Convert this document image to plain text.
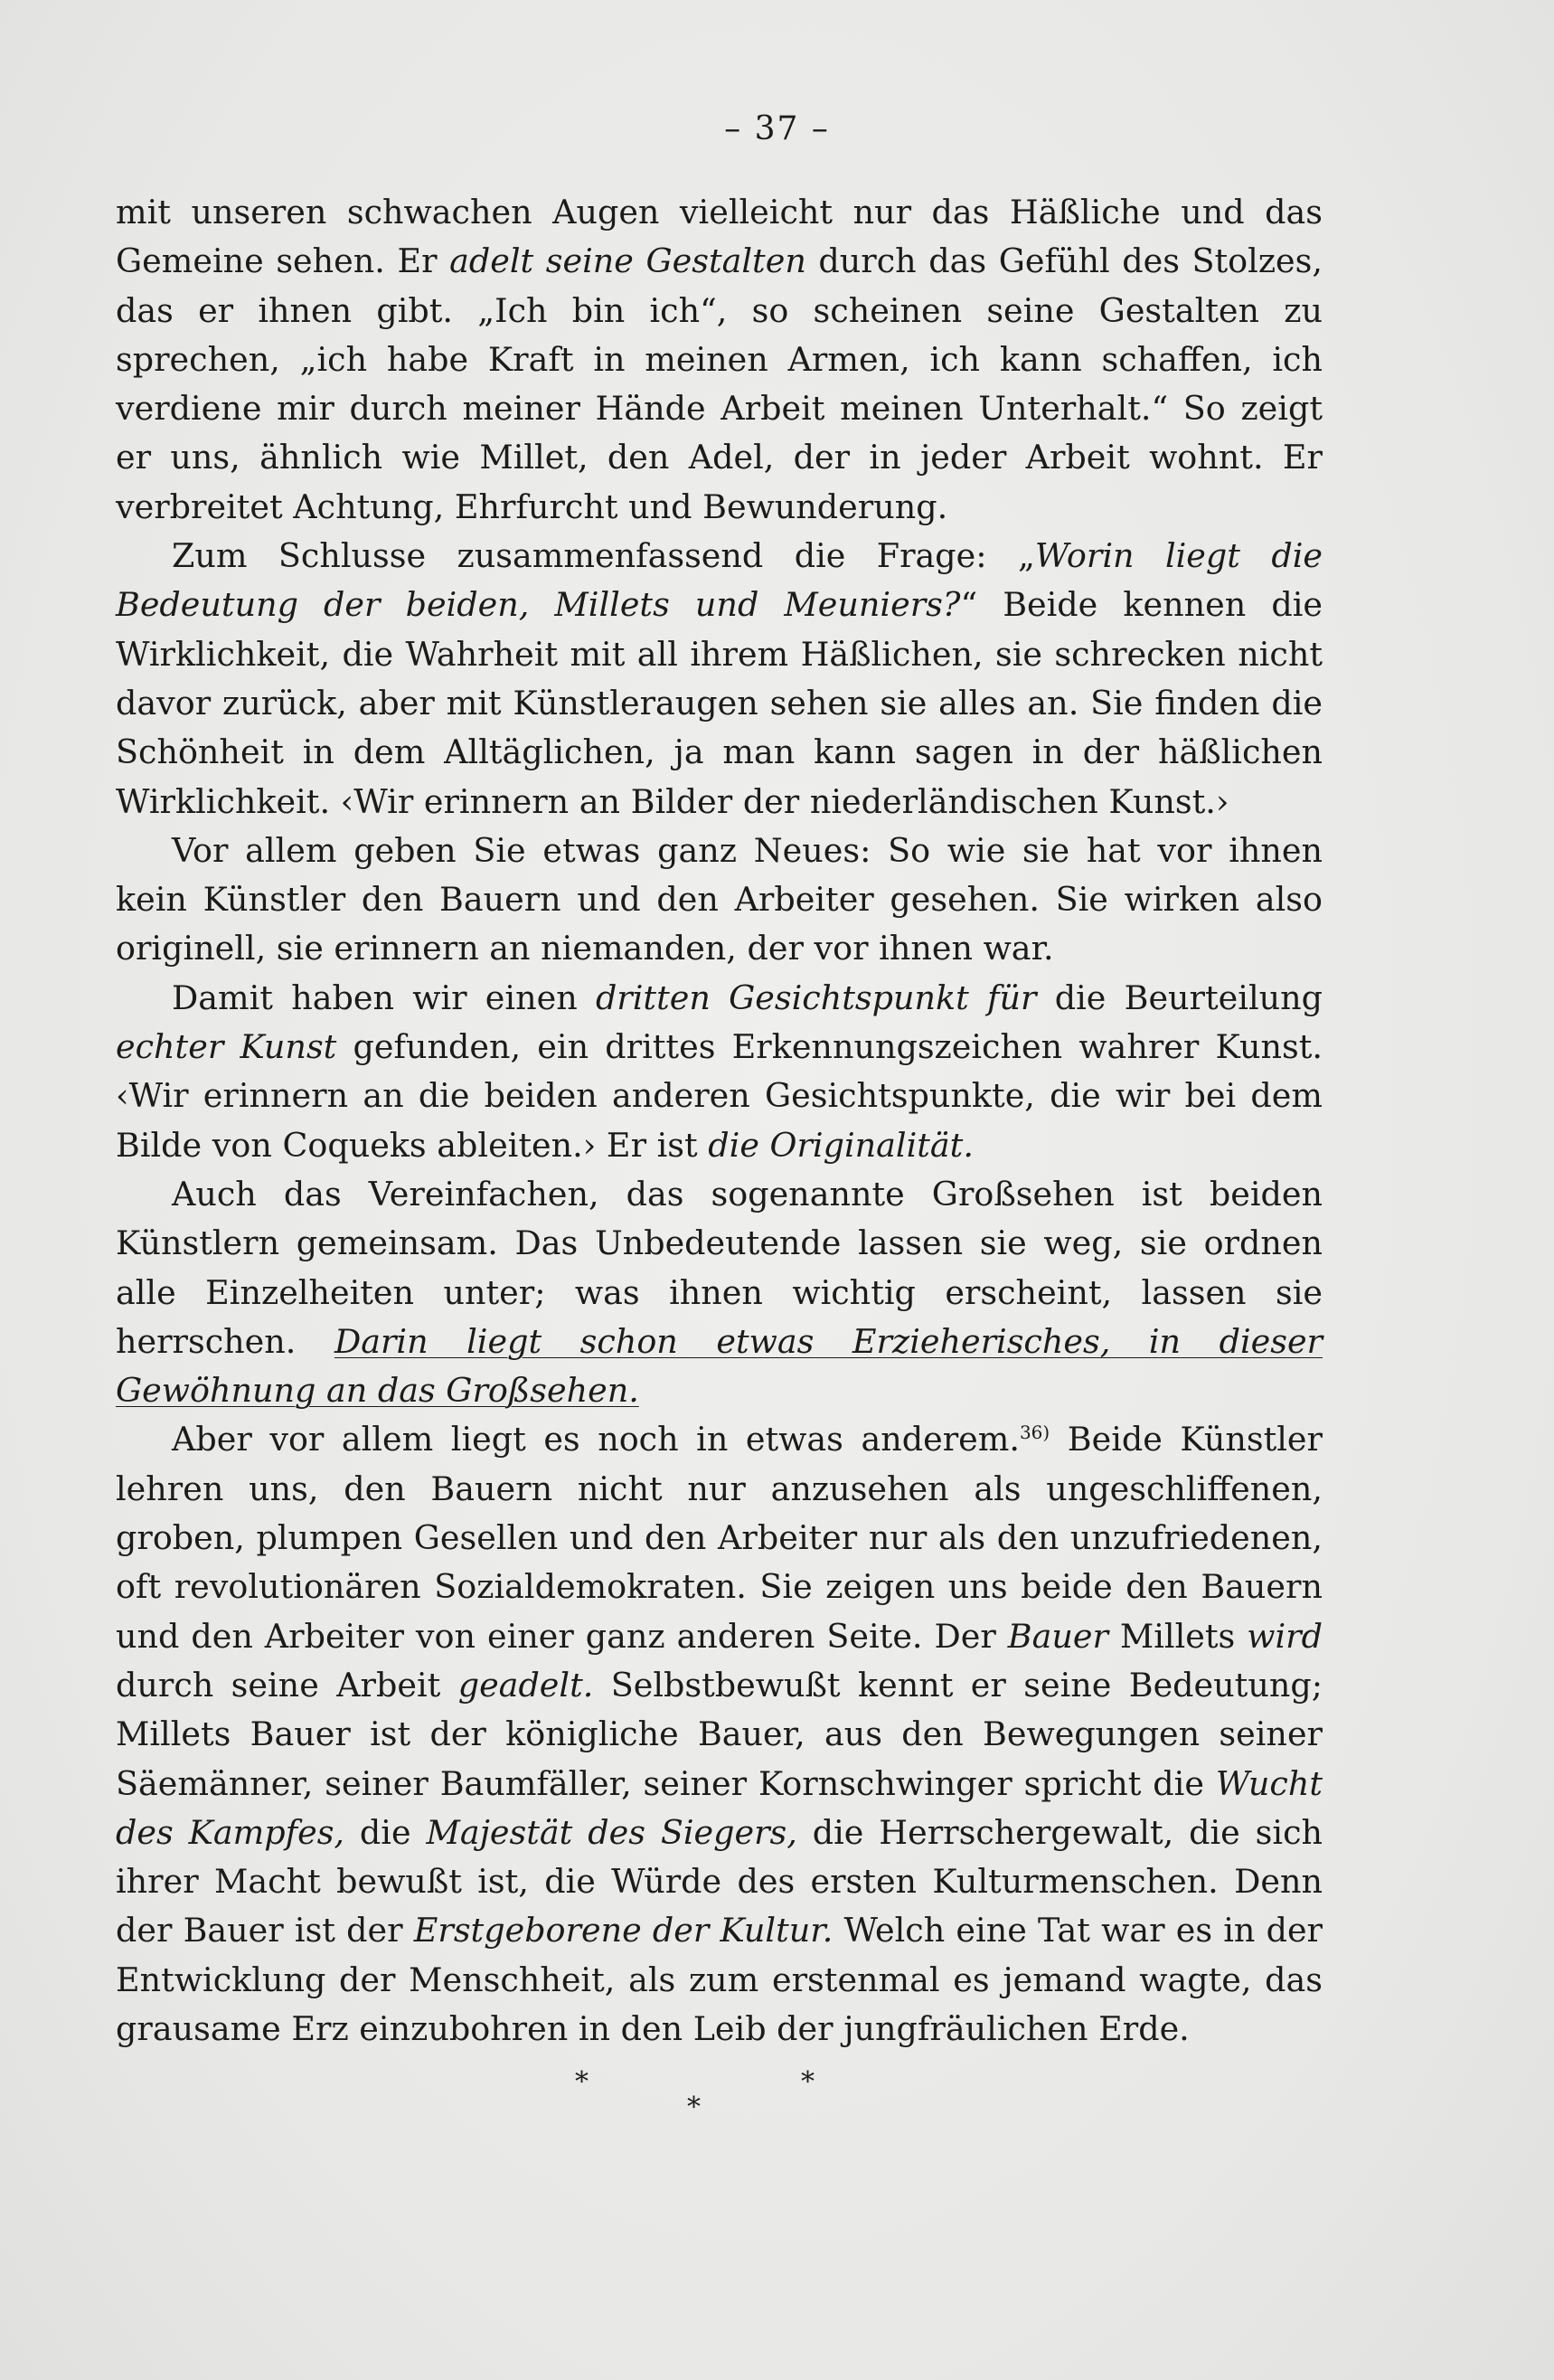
– 37 –

mit unseren schwachen Augen vielleicht nur das Häßliche und das Gemeine sehen. Er adelt seine Gestalten durch das Gefühl des Stolzes, das er ihnen gibt. „Ich bin ich“, so scheinen seine Gestalten zu sprechen, „ich habe Kraft in meinen Armen, ich kann schaffen, ich verdiene mir durch meiner Hände Arbeit meinen Unterhalt.“ So zeigt er uns, ähnlich wie Millet, den Adel, der in jeder Arbeit wohnt. Er verbreitet Achtung, Ehrfurcht und Bewunderung.

Zum Schlusse zusammenfassend die Frage: „Worin liegt die Bedeutung der beiden, Millets und Meuniers?“ Beide kennen die Wirklichkeit, die Wahrheit mit all ihrem Häßlichen, sie schrecken nicht davor zurück, aber mit Künstleraugen sehen sie alles an. Sie finden die Schönheit in dem Alltäglichen, ja man kann sagen in der häßlichen Wirklichkeit. ‹Wir erinnern an Bilder der niederländischen Kunst.›

Vor allem geben Sie etwas ganz Neues: So wie sie hat vor ihnen kein Künstler den Bauern und den Arbeiter gesehen. Sie wirken also originell, sie erinnern an niemanden, der vor ihnen war.

Damit haben wir einen dritten Gesichtspunkt für die Beurteilung echter Kunst gefunden, ein drittes Erkennungszeichen wahrer Kunst. ‹Wir erinnern an die beiden anderen Gesichtspunkte, die wir bei dem Bilde von Coqueks ableiten.› Er ist die Originalität.

Auch das Vereinfachen, das sogenannte Großsehen ist beiden Künstlern gemeinsam. Das Unbedeutende lassen sie weg, sie ordnen alle Einzelheiten unter; was ihnen wichtig erscheint, lassen sie herrschen. Darin liegt schon etwas Erzieherisches, in dieser Gewöhnung an das Großsehen.

Aber vor allem liegt es noch in etwas anderem.$^{36)}$ Beide Künstler lehren uns, den Bauern nicht nur anzusehen als ungeschliffenen, groben, plumpen Gesellen und den Arbeiter nur als den unzufriedenen, oft revolutionären Sozialdemokraten. Sie zeigen uns beide den Bauern und den Arbeiter von einer ganz anderen Seite. Der Bauer Millets wird durch seine Arbeit geadelt. Selbstbewußt kennt er seine Bedeutung; Millets Bauer ist der königliche Bauer, aus den Bewegungen seiner Säemänner, seiner Baumfäller, seiner Kornschwinger spricht die Wucht des Kampfes, die Majestät des Siegers, die Herrschergewalt, die sich ihrer Macht bewußt ist, die Würde des ersten Kulturmenschen. Denn der Bauer ist der Erstgeborene der Kultur. Welch eine Tat war es in der Entwicklung der Menschheit, als zum erstenmal es jemand wagte, das grausame Erz einzubohren in den Leib der jungfräulichen Erde.

*	*
*
